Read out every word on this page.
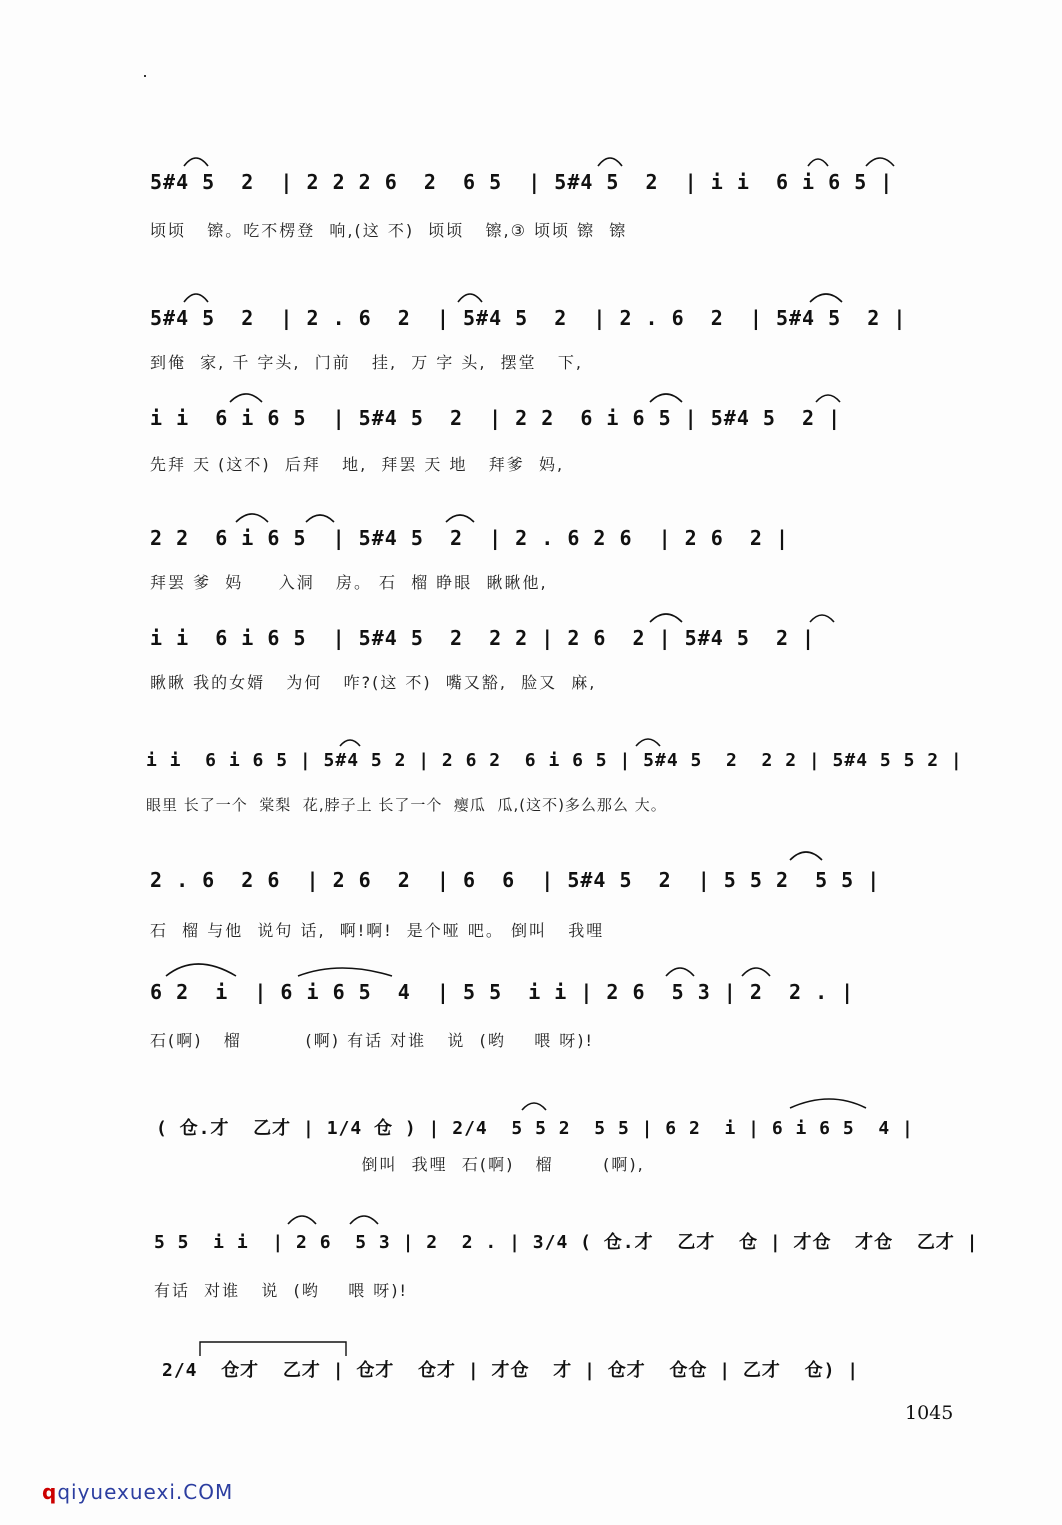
5#4 5  2  | 2 2 2 6  2  6 5  | 5#4 5  2  | i i  6 i 6 5 |
顷顷   镲。吃不楞登  响,(这 不)  顷顷   镲,③ 顷顷 镲  镲
5#4 5  2  | 2 . 6  2  | 5#4 5  2  | 2 . 6  2  | 5#4 5  2 |
到俺  家, 千 字头,  门前   挂,  万 字 头,  摆堂   下,
i i  6 i 6 5  | 5#4 5  2  | 2 2  6 i 6 5 | 5#4 5  2 |
先拜 天 (这不)  后拜   地,  拜罢 天 地   拜爹  妈,
2 2  6 i 6 5  | 5#4 5  2  | 2 . 6 2 6  | 2 6  2 |
拜罢 爹  妈     入洞   房。 石  榴 睁眼  瞅瞅他,
i i  6 i 6 5  | 5#4 5  2  2 2 | 2 6  2 | 5#4 5  2 |
瞅瞅 我的女婿   为何   咋?(这 不)  嘴又豁,  脸又  麻,
i i  6 i 6 5 | 5#4 5 2 | 2 6 2  6 i 6 5 | 5#4 5  2  2 2 | 5#4 5 5 2 |
眼里 长了一个  棠梨  花,脖子上 长了一个  瘿瓜  瓜,(这不)多么那么 大。
2 . 6  2 6  | 2 6  2  | 6  6  | 5#4 5  2  | 5 5 2  5 5 |
石  榴 与他  说句 话,  啊!啊!  是个哑 吧。 倒叫   我哩
6 2  i  | 6 i 6 5  4  | 5 5  i i | 2 6  5 3 | 2  2 . |
石(啊)   榴         (啊) 有话 对谁   说  (哟    喂 呀)!
( 仓.才  乙才 | 1/4 仓 ) | 2/4  5 5 2  5 5 | 6 2  i | 6 i 6 5  4 |
倒叫  我哩  石(啊)   榴       (啊),
5 5  i i  | 2 6  5 3 | 2  2 . | 3/4 ( 仓.才  乙才  仓 | 才仓  才仓  乙才 |
有话  对谁   说  (哟    喂 呀)!
2/4  仓才  乙才 | 仓才  仓才 | 才仓  才 | 仓才  仓仓 | 乙才  仓) |
1045
qqiyuexuexi.COM
